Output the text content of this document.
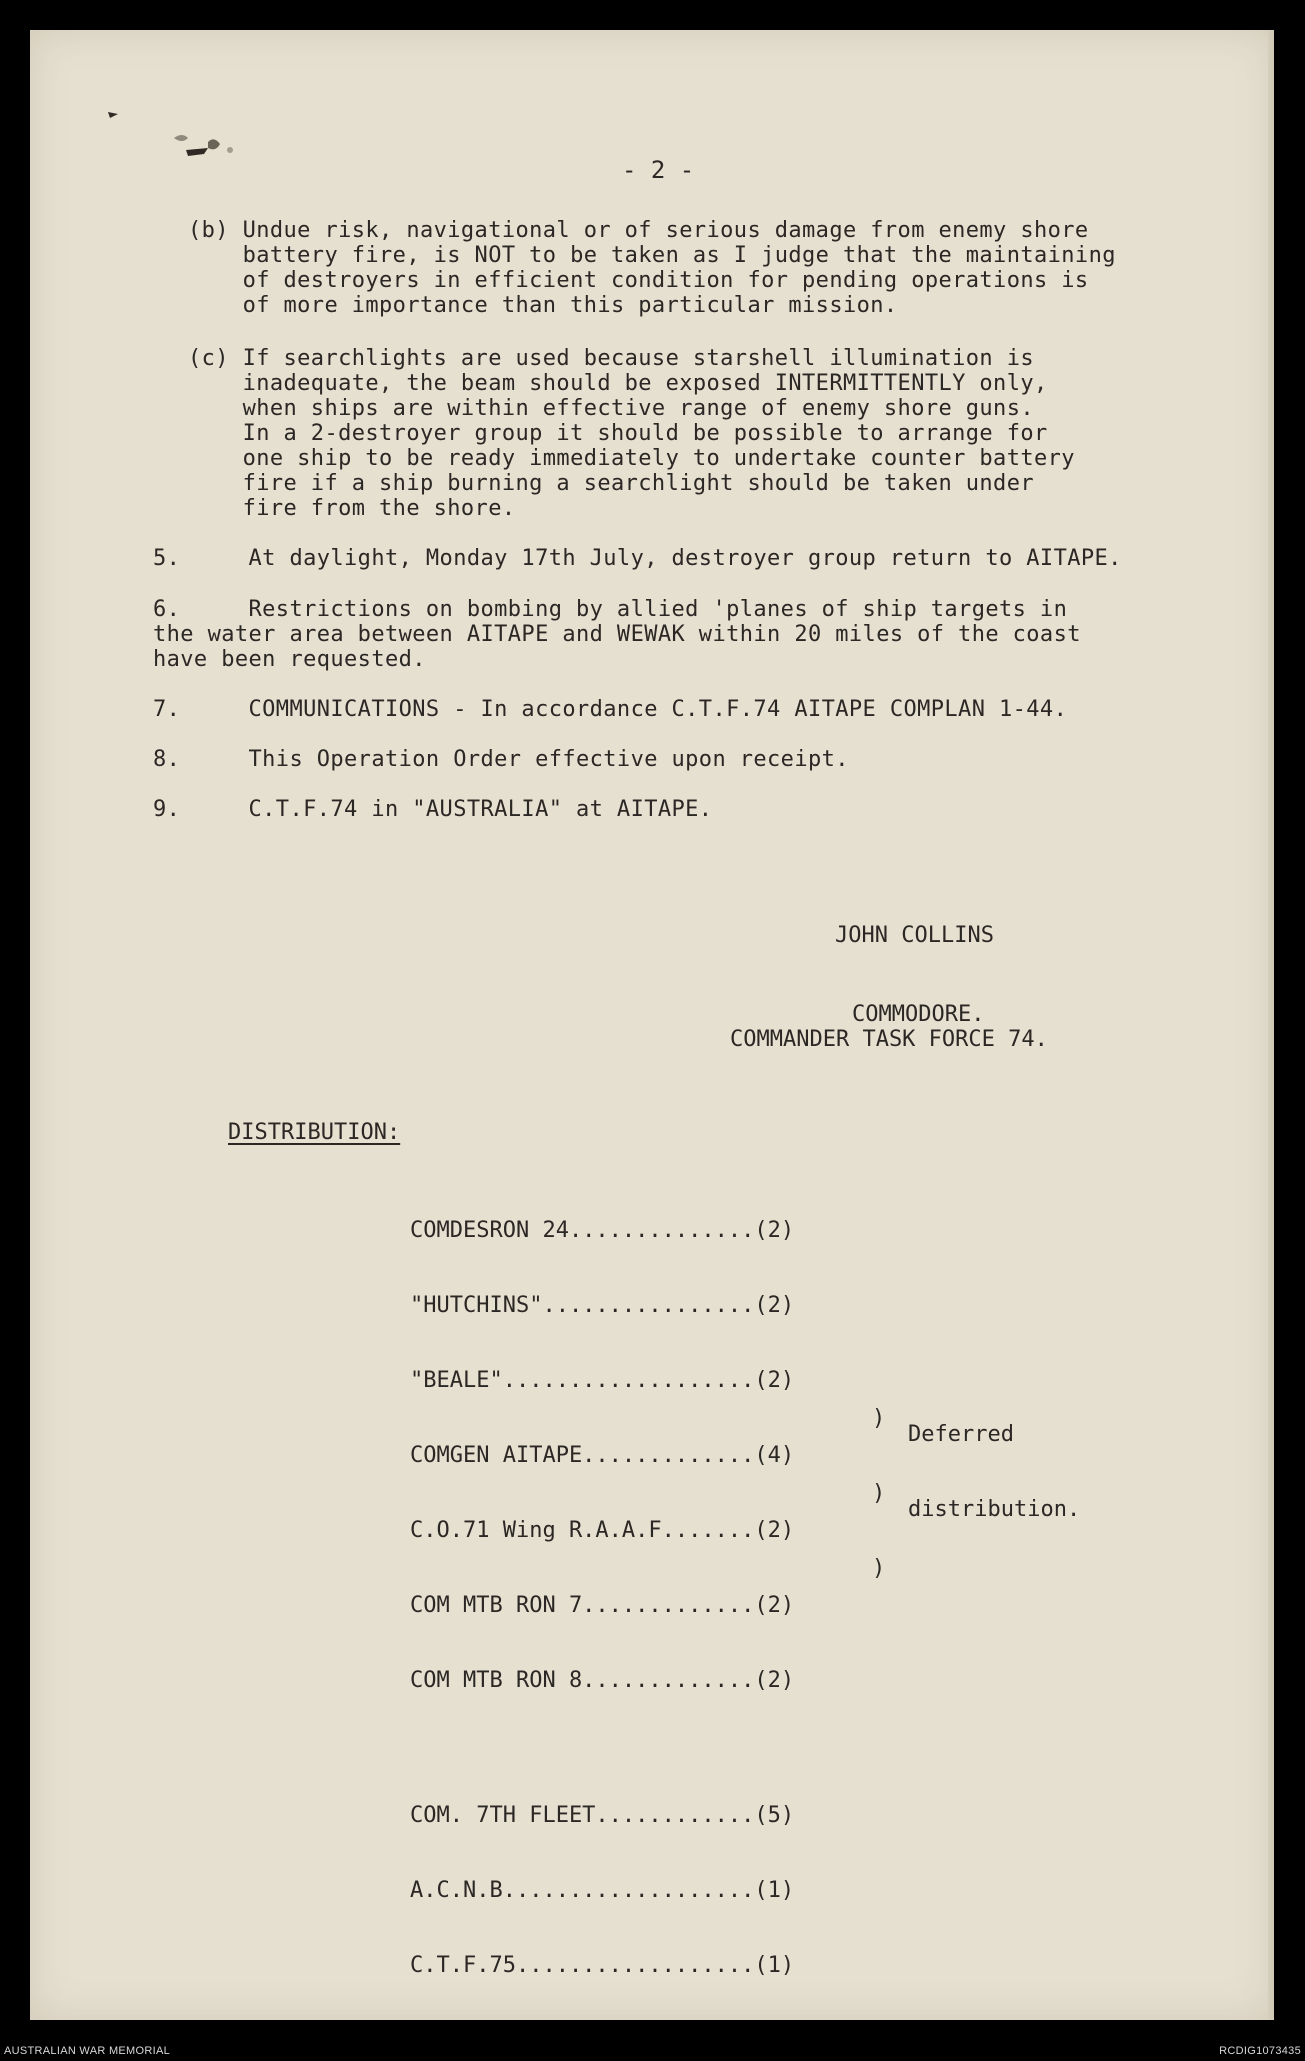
- 2 -

(b) Undue risk, navigational or of serious damage from enemy shore
battery fire, is NOT to be taken as I judge that the maintaining
of destroyers in efficient condition for pending operations is
of more importance than this particular mission.
(c) If searchlights are used because starshell illumination is
inadequate, the beam should be exposed INTERMITTENTLY only,
when ships are within effective range of enemy shore guns.
In a 2-destroyer group it should be possible to arrange for
one ship to be ready immediately to undertake counter battery
fire if a ship burning a searchlight should be taken under
fire from the shore.
5.     At daylight, Monday 17th July, destroyer group return to AITAPE.
6.     Restrictions on bombing by allied 'planes of ship targets in
the water area between AITAPE and WEWAK within 20 miles of the coast
have been requested.
7.     COMMUNICATIONS - In accordance C.T.F.74 AITAPE COMPLAN 1-44.
8.     This Operation Order effective upon receipt.
9.     C.T.F.74 in "AUSTRALIA" at AITAPE.

JOHN COLLINS

COMMODORE.

COMMANDER TASK FORCE 74.

DISTRIBUTION:

COMDESRON 24..............(2)

"HUTCHINS"................(2)

"BEALE"...................(2)

COMGEN AITAPE.............(4)

C.O.71 Wing R.A.A.F.......(2)

COM MTB RON 7.............(2)

COM MTB RON 8.............(2)

COM. 7TH FLEET............(5)

A.C.N.B...................(1)

C.T.F.75..................(1)

)

)

)

Deferred

distribution.

AUSTRALIAN WAR MEMORIAL	RCDIG1073435
